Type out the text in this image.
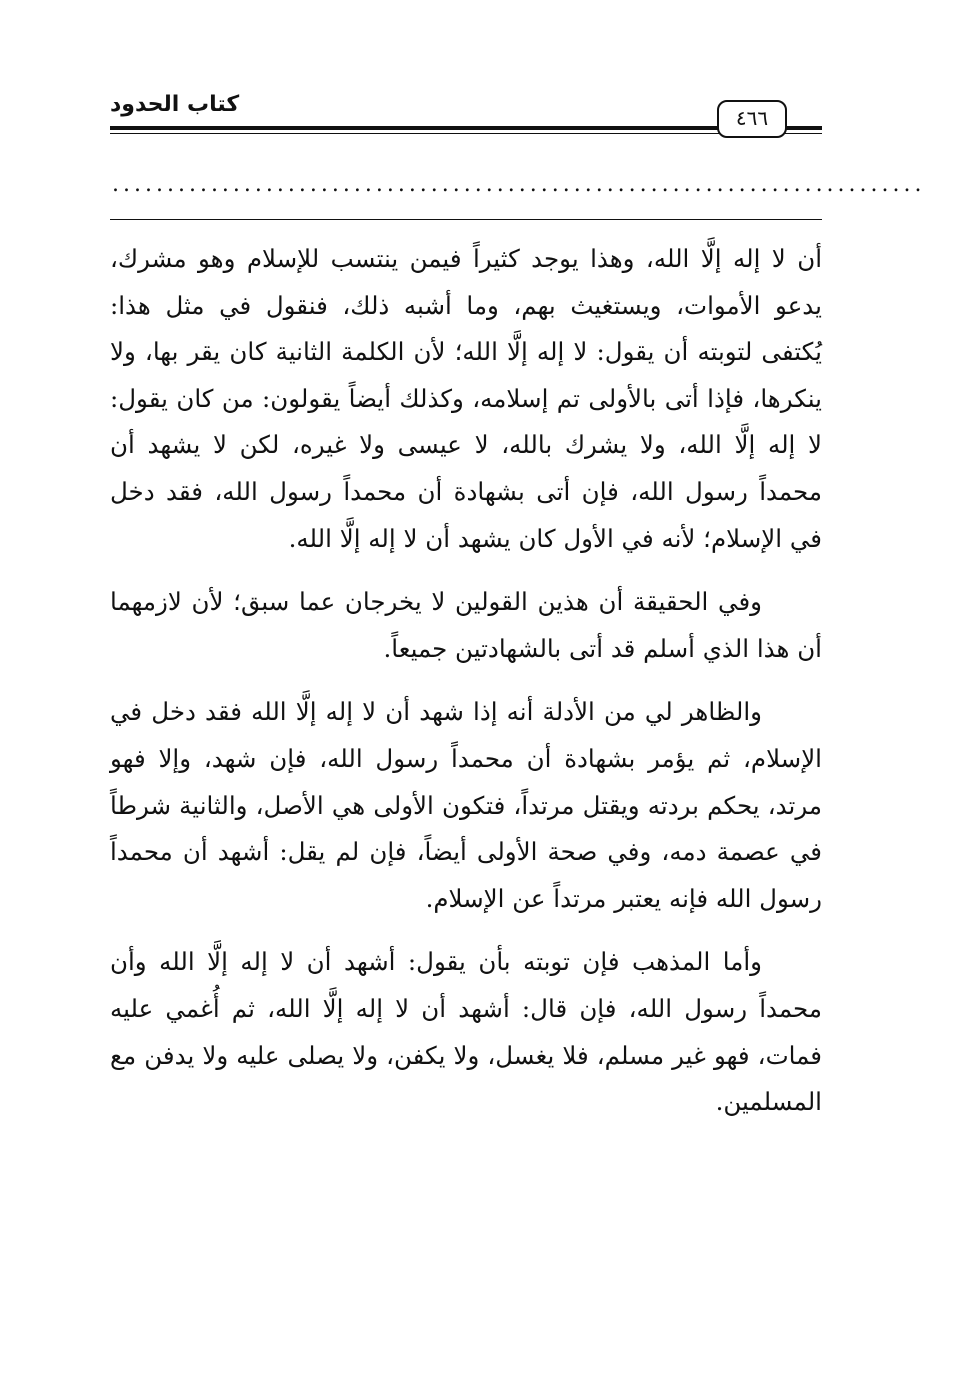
كتاب الحدود
٤٦٦
..........................................................................

أن لا إله إلَّا الله، وهذا يوجد كثيراً فيمن ينتسب للإسلام وهو مشرك، يدعو الأموات، ويستغيث بهم، وما أشبه ذلك، فنقول في مثل هذا: يُكتفى لتوبته أن يقول: لا إله إلَّا الله؛ لأن الكلمة الثانية كان يقر بها، ولا ينكرها، فإذا أتى بالأولى تم إسلامه، وكذلك أيضاً يقولون: من كان يقول: لا إله إلَّا الله، ولا يشرك بالله، لا عيسى ولا غيره، لكن لا يشهد أن محمداً رسول الله، فإن أتى بشهادة أن محمداً رسول الله، فقد دخل في الإسلام؛ لأنه في الأول كان يشهد أن لا إله إلَّا الله.

وفي الحقيقة أن هذين القولين لا يخرجان عما سبق؛ لأن لازمهما أن هذا الذي أسلم قد أتى بالشهادتين جميعاً.

والظاهر لي من الأدلة أنه إذا شهد أن لا إله إلَّا الله فقد دخل في الإسلام، ثم يؤمر بشهادة أن محمداً رسول الله، فإن شهد، وإلا فهو مرتد، يحكم بردته ويقتل مرتداً، فتكون الأولى هي الأصل، والثانية شرطاً في عصمة دمه، وفي صحة الأولى أيضاً، فإن لم يقل: أشهد أن محمداً رسول الله فإنه يعتبر مرتداً عن الإسلام.

وأما المذهب فإن توبته بأن يقول: أشهد أن لا إله إلَّا الله وأن محمداً رسول الله، فإن قال: أشهد أن لا إله إلَّا الله، ثم أُغمي عليه فمات، فهو غير مسلم، فلا يغسل، ولا يكفن، ولا يصلى عليه ولا يدفن مع المسلمين.
